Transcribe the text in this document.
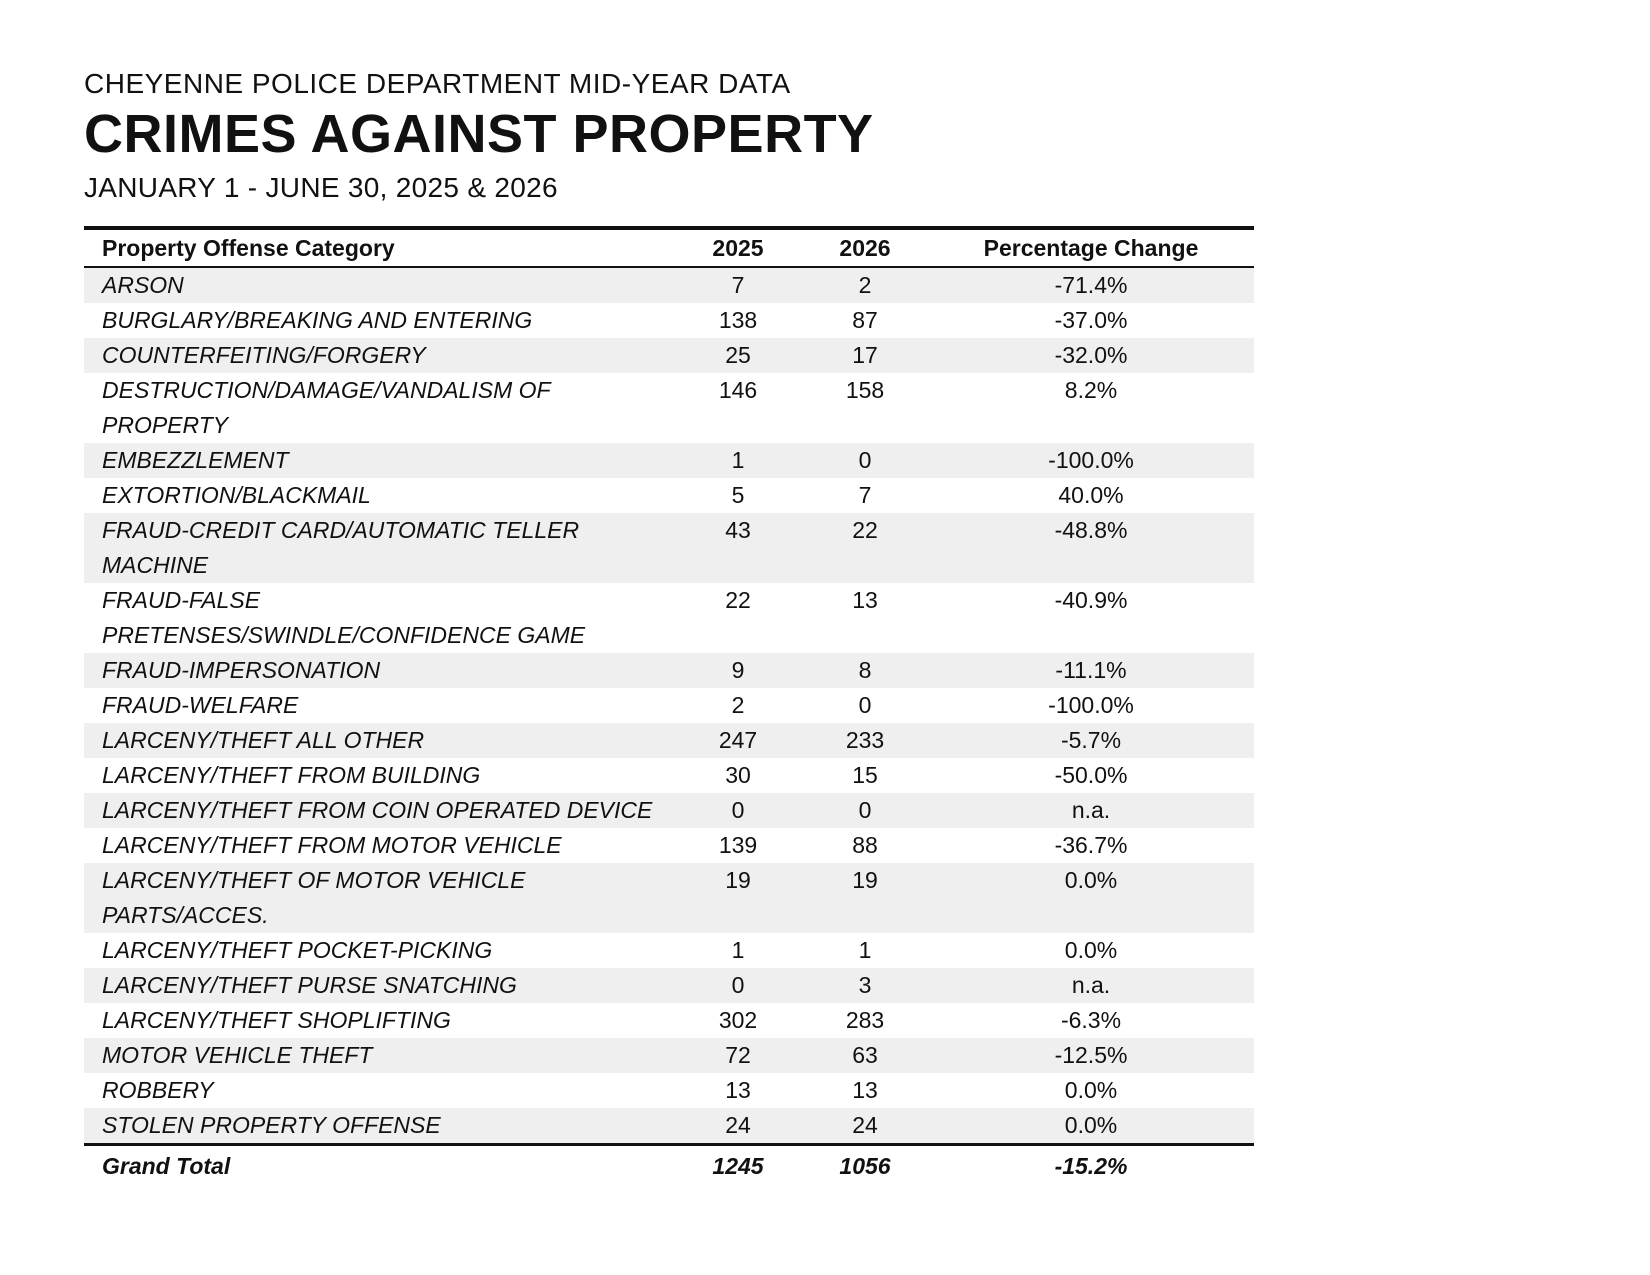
CHEYENNE POLICE DEPARTMENT MID-YEAR DATA
CRIMES AGAINST PROPERTY
JANUARY 1 - JUNE 30, 2025 & 2026
Property Offense Category	2025	2026	Percentage Change
ARSON	7	2	-71.4%
BURGLARY/BREAKING AND ENTERING	138	87	-37.0%
COUNTERFEITING/FORGERY	25	17	-32.0%
DESTRUCTION/DAMAGE/VANDALISM OF PROPERTY	146	158	8.2%
EMBEZZLEMENT	1	0	-100.0%
EXTORTION/BLACKMAIL	5	7	40.0%
FRAUD-CREDIT CARD/AUTOMATIC TELLER MACHINE	43	22	-48.8%
FRAUD-FALSE PRETENSES/SWINDLE/CONFIDENCE GAME	22	13	-40.9%
FRAUD-IMPERSONATION	9	8	-11.1%
FRAUD-WELFARE	2	0	-100.0%
LARCENY/THEFT ALL OTHER	247	233	-5.7%
LARCENY/THEFT FROM BUILDING	30	15	-50.0%
LARCENY/THEFT FROM COIN OPERATED DEVICE	0	0	n.a.
LARCENY/THEFT FROM MOTOR VEHICLE	139	88	-36.7%
LARCENY/THEFT OF MOTOR VEHICLE PARTS/ACCES.	19	19	0.0%
LARCENY/THEFT POCKET-PICKING	1	1	0.0%
LARCENY/THEFT PURSE SNATCHING	0	3	n.a.
LARCENY/THEFT SHOPLIFTING	302	283	-6.3%
MOTOR VEHICLE THEFT	72	63	-12.5%
ROBBERY	13	13	0.0%
STOLEN PROPERTY OFFENSE	24	24	0.0%
Grand Total	1245	1056	-15.2%
